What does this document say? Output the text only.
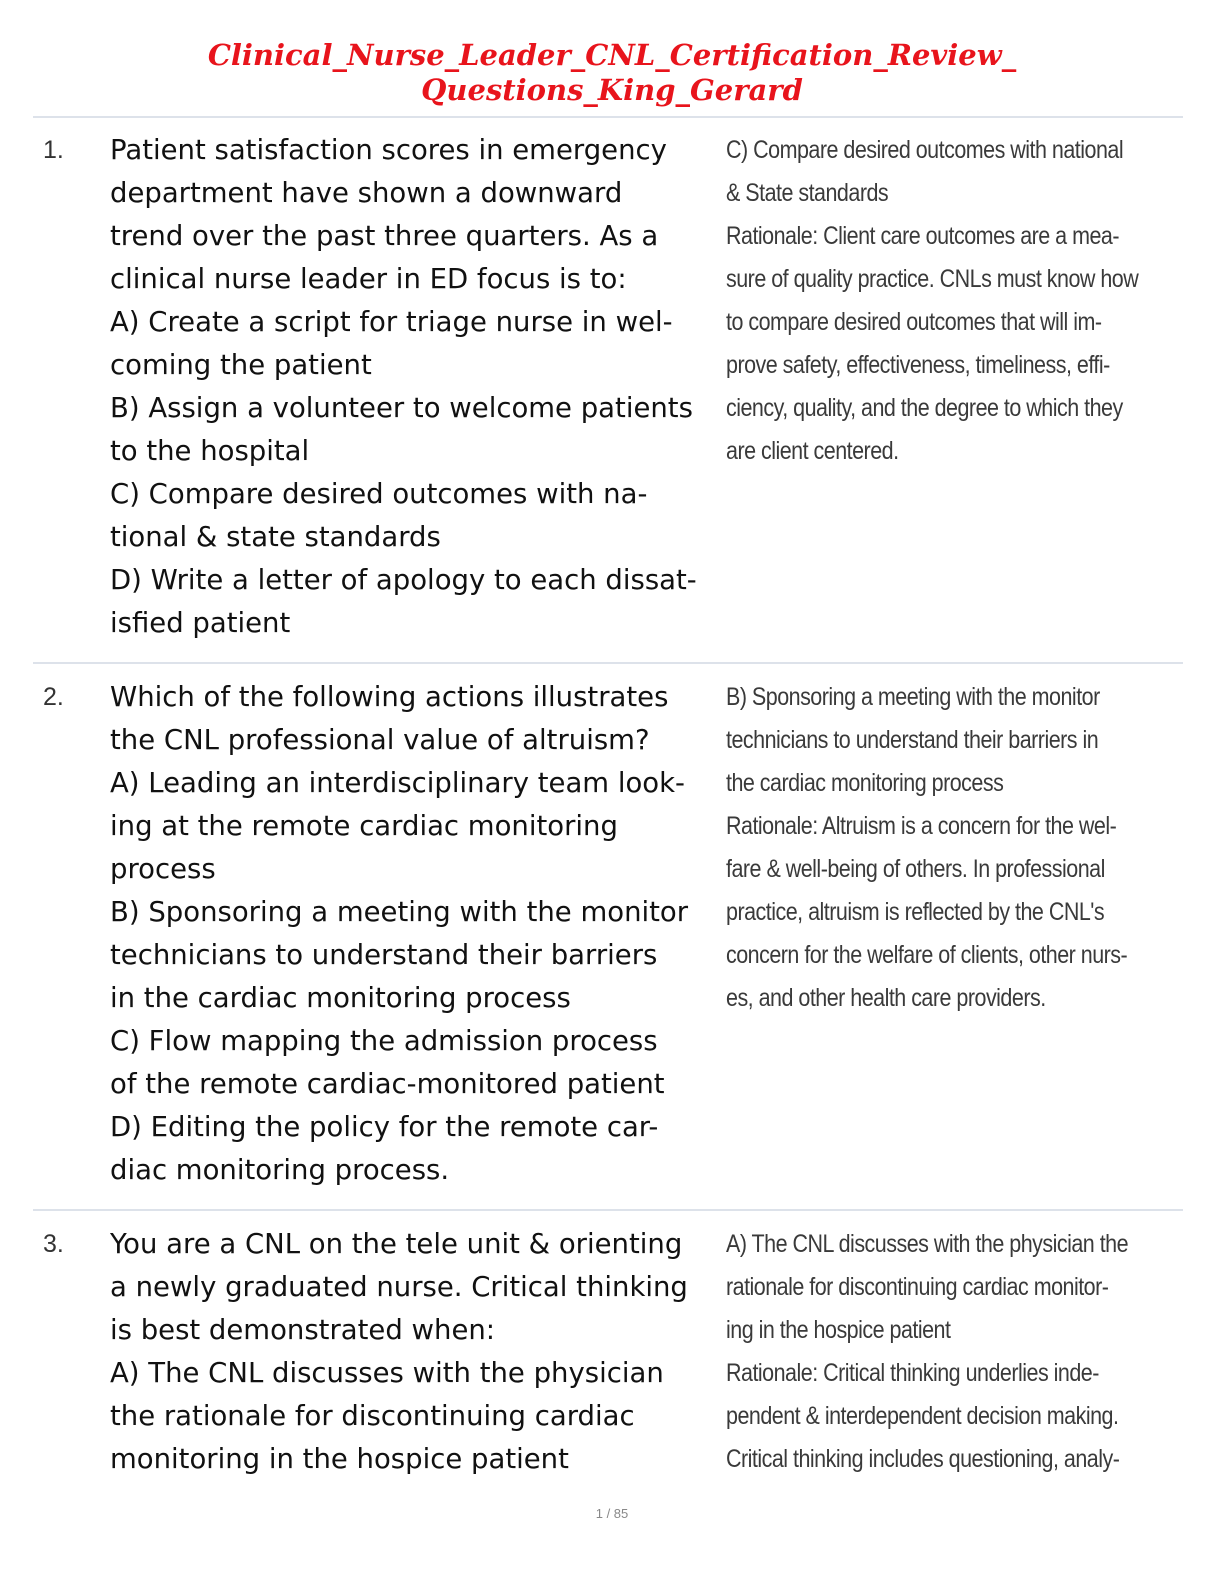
Clinical_Nurse_Leader_CNL_Certification_Review_
Questions_King_Gerard
1. Patient satisfaction scores in emergency
department have shown a downward
trend over the past three quarters. As a
clinical nurse leader in ED focus is to:
A) Create a script for triage nurse in wel-
coming the patient
B) Assign a volunteer to welcome patients
to the hospital
C) Compare desired outcomes with na-
tional & state standards
D) Write a letter of apology to each dissat-
isfied patient
C) Compare desired outcomes with national
& State standards
Rationale: Client care outcomes are a mea-
sure of quality practice. CNLs must know how
to compare desired outcomes that will im-
prove safety, effectiveness, timeliness, effi-
ciency, quality, and the degree to which they
are client centered.
2. Which of the following actions illustrates
the CNL professional value of altruism?
A) Leading an interdisciplinary team look-
ing at the remote cardiac monitoring
process
B) Sponsoring a meeting with the monitor
technicians to understand their barriers
in the cardiac monitoring process
C) Flow mapping the admission process
of the remote cardiac-monitored patient
D) Editing the policy for the remote car-
diac monitoring process.
B) Sponsoring a meeting with the monitor
technicians to understand their barriers in
the cardiac monitoring process
Rationale: Altruism is a concern for the wel-
fare & well-being of others. In professional
practice, altruism is reflected by the CNL's
concern for the welfare of clients, other nurs-
es, and other health care providers.
3. You are a CNL on the tele unit & orienting
a newly graduated nurse. Critical thinking
is best demonstrated when:
A) The CNL discusses with the physician
the rationale for discontinuing cardiac
monitoring in the hospice patient
A) The CNL discusses with the physician the
rationale for discontinuing cardiac monitor-
ing in the hospice patient
Rationale: Critical thinking underlies inde-
pendent & interdependent decision making.
Critical thinking includes questioning, analy-
1 / 85
